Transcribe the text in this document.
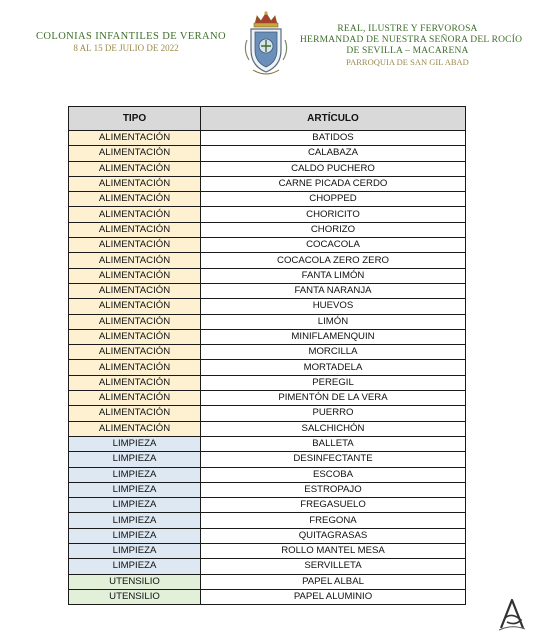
COLONIAS INFANTILES DE VERANO
8 AL 15 DE JULIO DE 2022
REAL, ILUSTRE Y FERVOROSA
HERMANDAD DE NUESTRA SEÑORA DEL ROCÍO
DE SEVILLA – MACARENA
PARROQUIA DE SAN GIL ABAD
TIPO	ARTÍCULO
ALIMENTACIÓN	BATIDOS
ALIMENTACIÓN	CALABAZA
ALIMENTACIÓN	CALDO PUCHERO
ALIMENTACIÓN	CARNE PICADA CERDO
ALIMENTACIÓN	CHOPPED
ALIMENTACIÓN	CHORICITO
ALIMENTACIÓN	CHORIZO
ALIMENTACIÓN	COCACOLA
ALIMENTACIÓN	COCACOLA ZERO ZERO
ALIMENTACIÓN	FANTA LIMÓN
ALIMENTACIÓN	FANTA NARANJA
ALIMENTACIÓN	HUEVOS
ALIMENTACIÓN	LIMÓN
ALIMENTACIÓN	MINIFLAMENQUIN
ALIMENTACIÓN	MORCILLA
ALIMENTACIÓN	MORTADELA
ALIMENTACIÓN	PEREGIL
ALIMENTACIÓN	PIMENTÓN DE LA VERA
ALIMENTACIÓN	PUERRO
ALIMENTACIÓN	SALCHICHÓN
LIMPIEZA	BALLETA
LIMPIEZA	DESINFECTANTE
LIMPIEZA	ESCOBA
LIMPIEZA	ESTROPAJO
LIMPIEZA	FREGASUELO
LIMPIEZA	FREGONA
LIMPIEZA	QUITAGRASAS
LIMPIEZA	ROLLO MANTEL MESA
LIMPIEZA	SERVILLETA
UTENSILIO	PAPEL ALBAL
UTENSILIO	PAPEL ALUMINIO
